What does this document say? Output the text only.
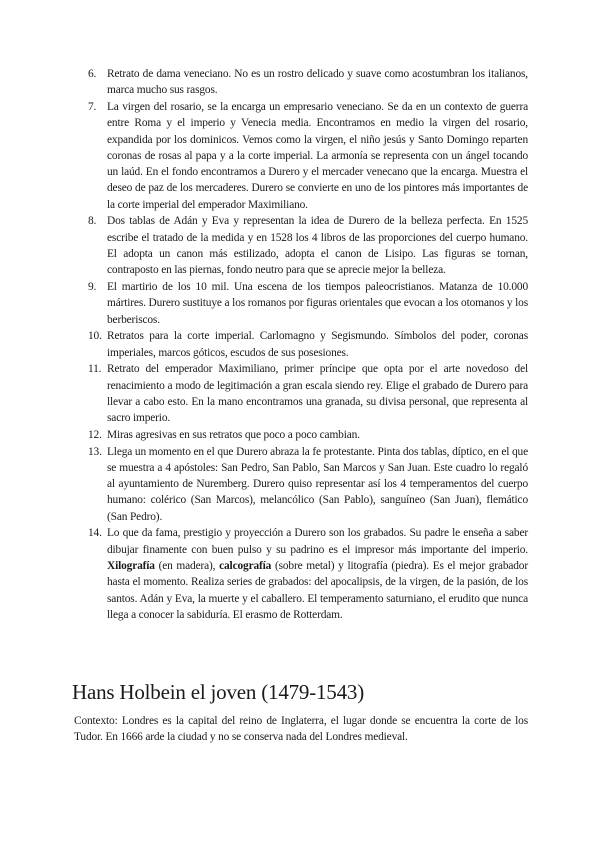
6. Retrato de dama veneciano. No es un rostro delicado y suave como acostumbran los italianos, marca mucho sus rasgos.
7. La virgen del rosario, se la encarga un empresario veneciano. Se da en un contexto de guerra entre Roma y el imperio y Venecia media. Encontramos en medio la virgen del rosario, expandida por los dominicos. Vemos como la virgen, el niño jesús y Santo Domingo reparten coronas de rosas al papa y a la corte imperial. La armonía se representa con un ángel tocando un laúd. En el fondo encontramos a Durero y el mercader venecano que la encarga. Muestra el deseo de paz de los mercaderes. Durero se convierte en uno de los pintores más importantes de la corte imperial del emperador Maximiliano.
8. Dos tablas de Adán y Eva y representan la idea de Durero de la belleza perfecta. En 1525 escribe el tratado de la medida y en 1528 los 4 libros de las proporciones del cuerpo humano. El adopta un canon más estilizado, adopta el canon de Lisipo. Las figuras se tornan, contraposto en las piernas, fondo neutro para que se aprecie mejor la belleza.
9. El martirio de los 10 mil. Una escena de los tiempos paleocristianos. Matanza de 10.000 mártires. Durero sustituye a los romanos por figuras orientales que evocan a los otomanos y los berberiscos.
10. Retratos para la corte imperial. Carlomagno y Segismundo. Símbolos del poder, coronas imperiales, marcos góticos, escudos de sus posesiones.
11. Retrato del emperador Maximiliano, primer príncipe que opta por el arte novedoso del renacimiento a modo de legitimación a gran escala siendo rey. Elige el grabado de Durero para llevar a cabo esto. En la mano encontramos una granada, su divisa personal, que representa al sacro imperio.
12. Miras agresivas en sus retratos que poco a poco cambian.
13. Llega un momento en el que Durero abraza la fe protestante. Pinta dos tablas, díptico, en el que se muestra a 4 apóstoles: San Pedro, San Pablo, San Marcos y San Juan. Este cuadro lo regaló al ayuntamiento de Nuremberg. Durero quiso representar así los 4 temperamentos del cuerpo humano: colérico (San Marcos), melancólico (San Pablo), sanguíneo (San Juan), flemático (San Pedro).
14. Lo que da fama, prestigio y proyección a Durero son los grabados. Su padre le enseña a saber dibujar finamente con buen pulso y su padrino es el impresor más importante del imperio. Xilografía (en madera), calcografía (sobre metal) y litografía (piedra). Es el mejor grabador hasta el momento. Realiza series de grabados: del apocalipsis, de la virgen, de la pasión, de los santos. Adán y Eva, la muerte y el caballero. El temperamento saturniano, el erudito que nunca llega a conocer la sabiduría. El erasmo de Rotterdam.
Hans Holbein el joven (1479-1543)

Contexto: Londres es la capital del reino de Inglaterra, el lugar donde se encuentra la corte de los Tudor. En 1666 arde la ciudad y no se conserva nada del Londres medieval.
